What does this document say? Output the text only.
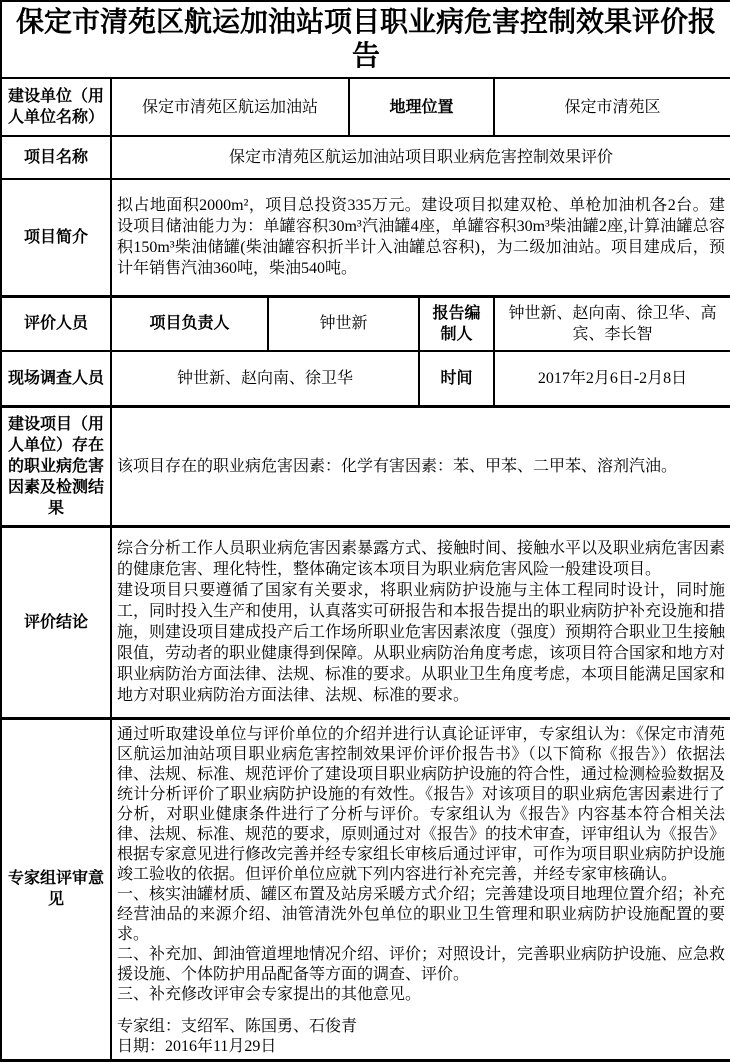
保定市清苑区航运加油站项目职业病危害控制效果评价报告					
建设单位（用人单位名称）	保定市清苑区航运加油站		地理位置		保定市清苑区
项目名称	保定市清苑区航运加油站项目职业病危害控制效果评价				
项目简介	拟占地面积2000m²，项目总投资335万元。建设项目拟建双枪、单枪加油机各2台。建设项目储油能力为：单罐容积30m³汽油罐4座，单罐容积30m³柴油罐2座,计算油罐总容积150m³柴油储罐(柴油罐容积折半计入油罐总容积)，为二级加油站。项目建成后，预计年销售汽油360吨，柴油540吨。				
评价人员	项目负责人	钟世新		报告编制人	钟世新、赵向南、徐卫华、高宾、李长智
现场调查人员	钟世新、赵向南、徐卫华			时间	2017年2月6日-2月8日
建设项目（用人单位）存在的职业病危害因素及检测结果	该项目存在的职业病危害因素：化学有害因素：苯、甲苯、二甲苯、溶剂汽油。				
评价结论	综合分析工作人员职业病危害因素暴露方式、接触时间、接触水平以及职业病危害因素的健康危害、理化特性，整体确定该本项目为职业病危害风险一般建设项目。
建设项目只要遵循了国家有关要求，将职业病防护设施与主体工程同时设计，同时施工，同时投入生产和使用，认真落实可研报告和本报告提出的职业病防护补充设施和措施，则建设项目建成投产后工作场所职业危害因素浓度（强度）预期符合职业卫生接触限值，劳动者的职业健康得到保障。从职业病防治角度考虑，该项目符合国家和地方对职业病防治方面法律、法规、标准的要求。从职业卫生角度考虑，本项目能满足国家和地方对职业病防治方面法律、法规、标准的要求。				

专家组评审意见	
通过听取建设单位与评价单位的介绍并进行认真论证评审，专家组认为：《保定市清苑区航运加油站项目职业病危害控制效果评价评价报告书》（以下简称《报告》）依据法律、法规、标准、规范评价了建设项目职业病防护设施的符合性，通过检测检验数据及统计分析评价了职业病防护设施的有效性。《报告》对该项目的职业病危害因素进行了分析，对职业健康条件进行了分析与评价。专家组认为《报告》内容基本符合相关法律、法规、标准、规范的要求，原则通过对《报告》的技术审查，评审组认为《报告》根据专家意见进行修改完善并经专家组长审核后通过评审，可作为项目职业病防护设施竣工验收的依据。但评价单位应就下列内容进行补充完善，并经专家审核确认。
一、核实油罐材质、罐区布置及站房采暖方式介绍；完善建设项目地理位置介绍；补充经营油品的来源介绍、油管清洗外包单位的职业卫生管理和职业病防护设施配置的要求。
二、补充加、卸油管道埋地情况介绍、评价；对照设计，完善职业病防护设施、应急救援设施、个体防护用品配备等方面的调查、评价。
三、补充修改评审会专家提出的其他意见。
专家组：支绍军、陈国勇、石俊青
日期：2016年11月29日
